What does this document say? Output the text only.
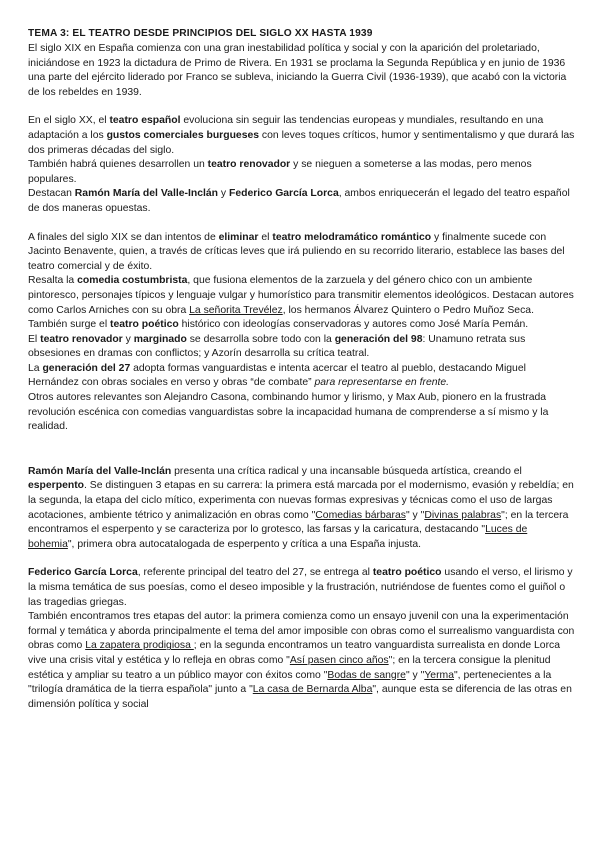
TEMA 3: EL TEATRO DESDE PRINCIPIOS DEL SIGLO XX HASTA 1939

El siglo XIX en España comienza con una gran inestabilidad política y social y con la aparición del proletariado, iniciándose en 1923 la dictadura de Primo de Rivera. En 1931 se proclama la Segunda República y en junio de 1936 una parte del ejército liderado por Franco se subleva, iniciando la Guerra Civil (1936-1939), que acabó con la victoria de los rebeldes en 1939.

En el siglo XX, el teatro español evoluciona sin seguir las tendencias europeas y mundiales, resultando en una adaptación a los gustos comerciales burgueses con leves toques críticos, humor y sentimentalismo y que durará las dos primeras décadas del siglo.

También habrá quienes desarrollen un teatro renovador y se nieguen a someterse a las modas, pero menos populares.

Destacan Ramón María del Valle-Inclán y Federico García Lorca, ambos enriquecerán el legado del teatro español de dos maneras opuestas.

A finales del siglo XIX se dan intentos de eliminar el teatro melodramático romántico y finalmente sucede con Jacinto Benavente, quien, a través de críticas leves que irá puliendo en su recorrido literario, establece las bases del teatro comercial y de éxito.

Resalta la comedia costumbrista, que fusiona elementos de la zarzuela y del género chico con un ambiente pintoresco, personajes típicos y lenguaje vulgar y humorístico para transmitir elementos ideológicos. Destacan autores como Carlos Arniches con su obra La señorita Trevélez, los hermanos Álvarez Quintero o Pedro Muñoz Seca.

También surge el teatro poético histórico con ideologías conservadoras y autores como José María Pemán.

El teatro renovador y marginado se desarrolla sobre todo con la generación del 98: Unamuno retrata sus obsesiones en dramas con conflictos; y Azorín desarrolla su crítica teatral.

La generación del 27 adopta formas vanguardistas e intenta acercar el teatro al pueblo, destacando Miguel Hernández con obras sociales en verso y obras “de combate” para representarse en frente.

Otros autores relevantes son Alejandro Casona, combinando humor y lirismo, y Max Aub, pionero en la frustrada revolución escénica con comedias vanguardistas sobre la incapacidad humana de comprenderse a sí mismo y la realidad.

Ramón María del Valle-Inclán presenta una crítica radical y una incansable búsqueda artística, creando el esperpento. Se distinguen 3 etapas en su carrera: la primera está marcada por el modernismo, evasión y rebeldía; en la segunda, la etapa del ciclo mítico, experimenta con nuevas formas expresivas y técnicas como el uso de largas acotaciones, ambiente tétrico y animalización en obras como "Comedias bárbaras" y "Divinas palabras"; en la tercera encontramos el esperpento y se caracteriza por lo grotesco, las farsas y la caricatura, destacando "Luces de bohemia", primera obra autocatalogada de esperpento y crítica a una España injusta.

Federico García Lorca, referente principal del teatro del 27, se entrega al teatro poético usando el verso, el lirismo y la misma temática de sus poesías, como el deseo imposible y la frustración, nutriéndose de fuentes como el guiñol o las tragedias griegas.

También encontramos tres etapas del autor: la primera comienza como un ensayo juvenil con una la experimentación formal y temática y aborda principalmente el tema del amor imposible con obras como el surrealismo vanguardista con obras como La zapatera prodigiosa ; en la segunda encontramos un teatro vanguardista surrealista en donde Lorca vive una crisis vital y estética y lo refleja en obras como "Así pasen cinco años"; en la tercera consigue la plenitud estética y ampliar su teatro a un público mayor con éxitos como "Bodas de sangre" y "Yerma", pertenecientes a la "trilogía dramática de la tierra española" junto a "La casa de Bernarda Alba", aunque esta se diferencia de las otras en dimensión política y social
